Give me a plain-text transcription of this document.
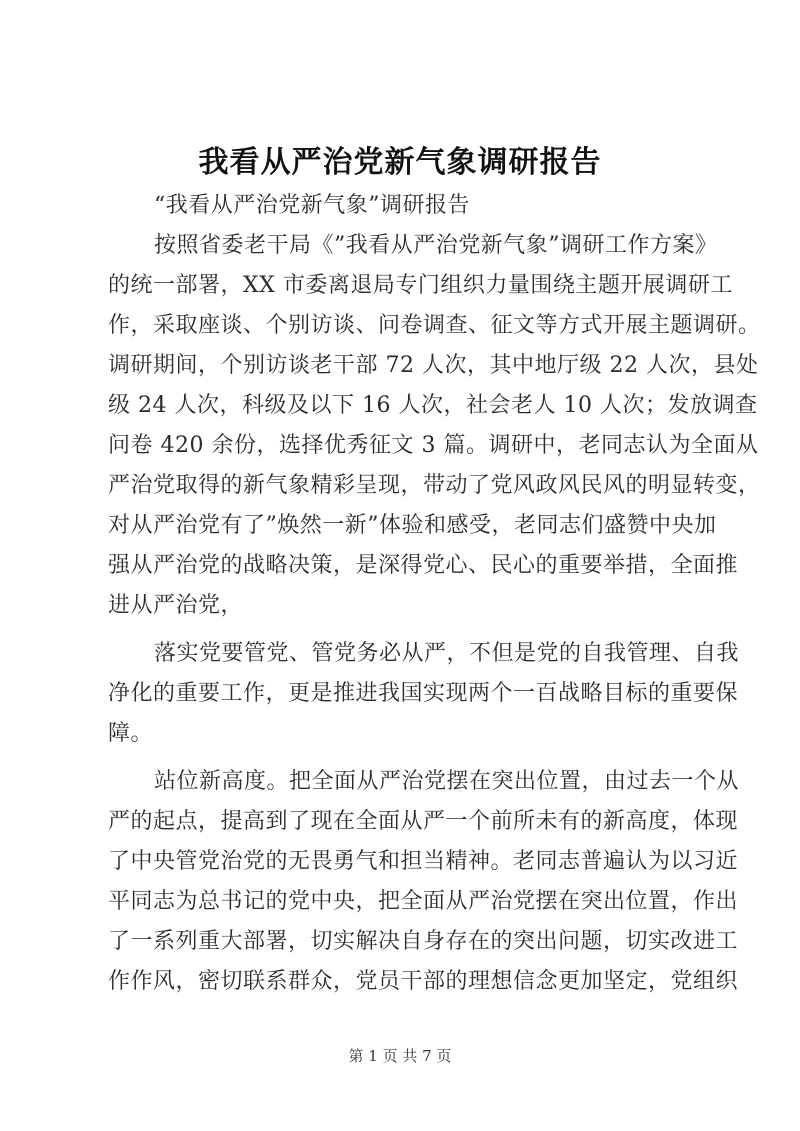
我看从严治党新气象调研报告
“我看从严治党新气象”调研报告
按照省委老干局《”我看从严治党新气象”调研工作方案》
的统一部署，XX 市委离退局专门组织力量围绕主题开展调研工
作，采取座谈、个别访谈、问卷调查、征文等方式开展主题调研。
调研期间，个别访谈老干部 72 人次，其中地厅级 22 人次，县处
级 24 人次，科级及以下 16 人次，社会老人 10 人次；发放调查
问卷 420 余份，选择优秀征文 3 篇。调研中，老同志认为全面从
严治党取得的新气象精彩呈现，带动了党风政风民风的明显转变，
对从严治党有了”焕然一新”体验和感受，老同志们盛赞中央加
强从严治党的战略决策，是深得党心、民心的重要举措，全面推
进从严治党，
落实党要管党、管党务必从严，不但是党的自我管理、自我
净化的重要工作，更是推进我国实现两个一百战略目标的重要保
障。
站位新高度。把全面从严治党摆在突出位置，由过去一个从
严的起点，提高到了现在全面从严一个前所未有的新高度，体现
了中央管党治党的无畏勇气和担当精神。老同志普遍认为以习近
平同志为总书记的党中央，把全面从严治党摆在突出位置，作出
了一系列重大部署，切实解决自身存在的突出问题，切实改进工
作作风，密切联系群众，党员干部的理想信念更加坚定，党组织
第 1 页 共 7 页
